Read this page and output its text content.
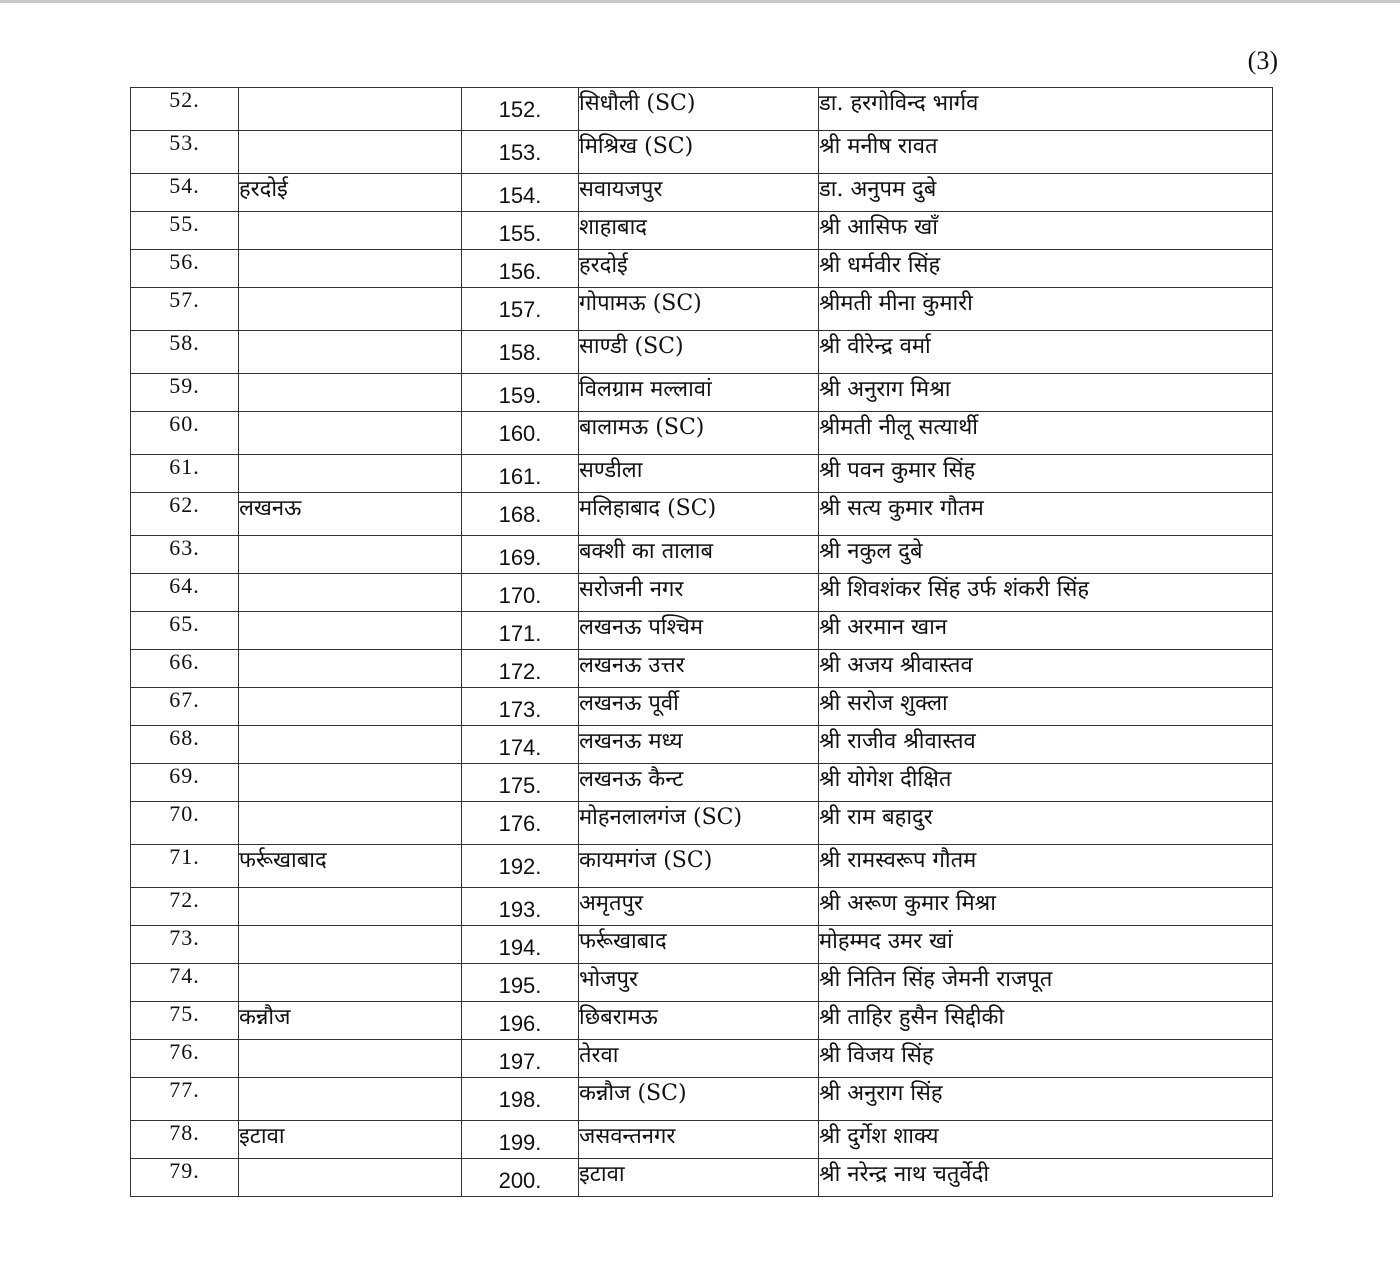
(3)
52.		152.	सिधौली (SC)	डा. हरगोविन्द भार्गव
53.		153.	मिश्रिख (SC)	श्री मनीष रावत
54.	हरदोई	154.	सवायजपुर	डा. अनुपम दुबे
55.		155.	शाहाबाद	श्री आसिफ खाँ
56.		156.	हरदोई	श्री धर्मवीर सिंह
57.		157.	गोपामऊ (SC)	श्रीमती मीना कुमारी
58.		158.	साण्डी (SC)	श्री वीरेन्द्र वर्मा
59.		159.	विलग्राम मल्लावां	श्री अनुराग मिश्रा
60.		160.	बालामऊ (SC)	श्रीमती नीलू सत्यार्थी
61.		161.	सण्डीला	श्री पवन कुमार सिंह
62.	लखनऊ	168.	मलिहाबाद (SC)	श्री सत्य कुमार गौतम
63.		169.	बक्शी का तालाब	श्री नकुल दुबे
64.		170.	सरोजनी नगर	श्री शिवशंकर सिंह उर्फ शंकरी सिंह
65.		171.	लखनऊ पश्चिम	श्री अरमान खान
66.		172.	लखनऊ उत्तर	श्री अजय श्रीवास्तव
67.		173.	लखनऊ पूर्वी	श्री सरोज शुक्ला
68.		174.	लखनऊ मध्य	श्री राजीव श्रीवास्तव
69.		175.	लखनऊ कैन्ट	श्री योगेश दीक्षित
70.		176.	मोहनलालगंज (SC)	श्री राम बहादुर
71.	फर्रूखाबाद	192.	कायमगंज (SC)	श्री रामस्वरूप गौतम
72.		193.	अमृतपुर	श्री अरूण कुमार मिश्रा
73.		194.	फर्रूखाबाद	मोहम्मद उमर खां
74.		195.	भोजपुर	श्री नितिन सिंह जेमनी राजपूत
75.	कन्नौज	196.	छिबरामऊ	श्री ताहिर हुसैन सिद्दीकी
76.		197.	तेरवा	श्री विजय सिंह
77.		198.	कन्नौज (SC)	श्री अनुराग सिंह
78.	इटावा	199.	जसवन्तनगर	श्री दुर्गेश शाक्य
79.		200.	इटावा	श्री नरेन्द्र नाथ चतुर्वेदी
